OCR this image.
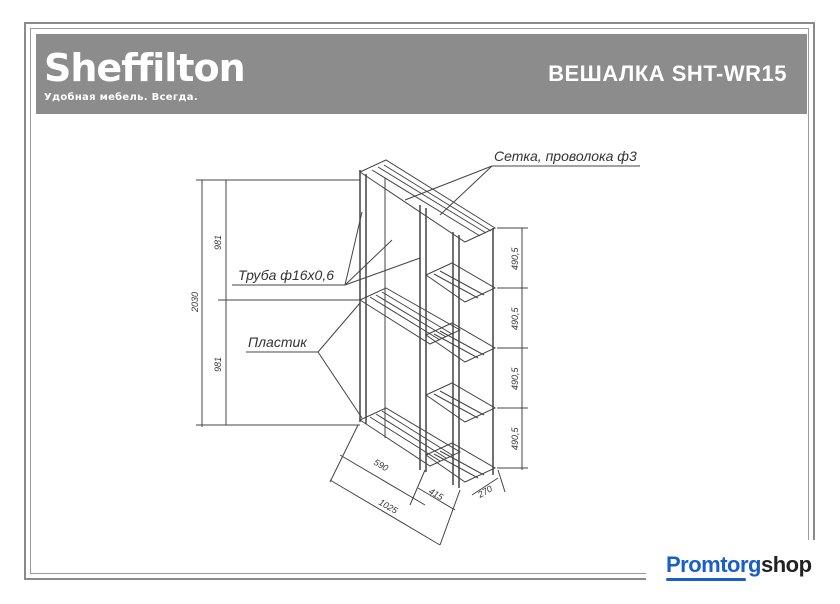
Sheffilton
Удобная мебель. Всегда.
ВЕШАЛКА SHT-WR15
Сетка, проволока ф3
Труба ф16х0,6
Пластик
2030
981
981
490,5
490,5
490,5
490,5
590
415
1025
270
Promtorgshop
